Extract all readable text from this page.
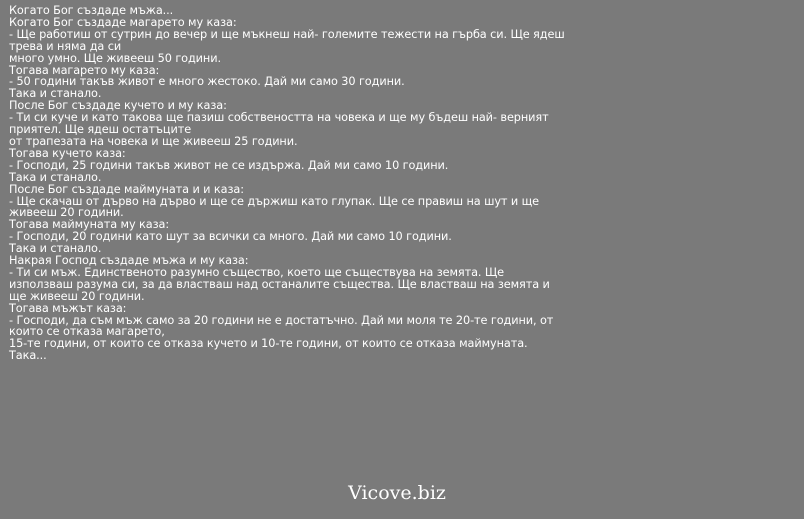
Когато Бог създаде мъжа...
Когато Бог създаде магарето му каза:
- Ще работиш от сутрин до вечер и ще мъкнеш най- големите тежести на гърба си. Ще ядеш трева и няма да си
много умно. Ще живееш 50 години.
Тогава магарето му каза:
- 50 години такъв живот е много жестоко. Дай ми само 30 години.
Така и станало.
После Бог създаде кучето и му каза:
- Ти си куче и като такова ще пазиш собствеността на човека и ще му бъдеш най- верният приятел. Ще ядеш остатъците
от трапезата на човека и ще живееш 25 години.
Тогава кучето каза:
- Господи, 25 години такъв живот не се издържа. Дай ми само 10 години.
Така и станало.
После Бог създаде маймуната и и каза:
- Ще скачаш от дърво на дърво и ще се държиш като глупак. Ще се правиш на шут и ще живееш 20 години.
Тогава маймуната му каза:
- Господи, 20 години като шут за всички са много. Дай ми само 10 години.
Така и станало.
Накрая Господ създаде мъжа и му каза:
- Ти си мъж. Единственото разумно същество, което ще съществува на земята. Ще използваш разума си, за да властваш над останалите същества. Ще властваш на земята и ще живееш 20 години.
Тогава мъжът каза:
- Господи, да съм мъж само за 20 години не е достатъчно. Дай ми моля те 20-те години, от които се отказа магарето,
15-те години, от които се отказа кучето и 10-те години, от които се отказа маймуната.
Така...
Vicove.biz
